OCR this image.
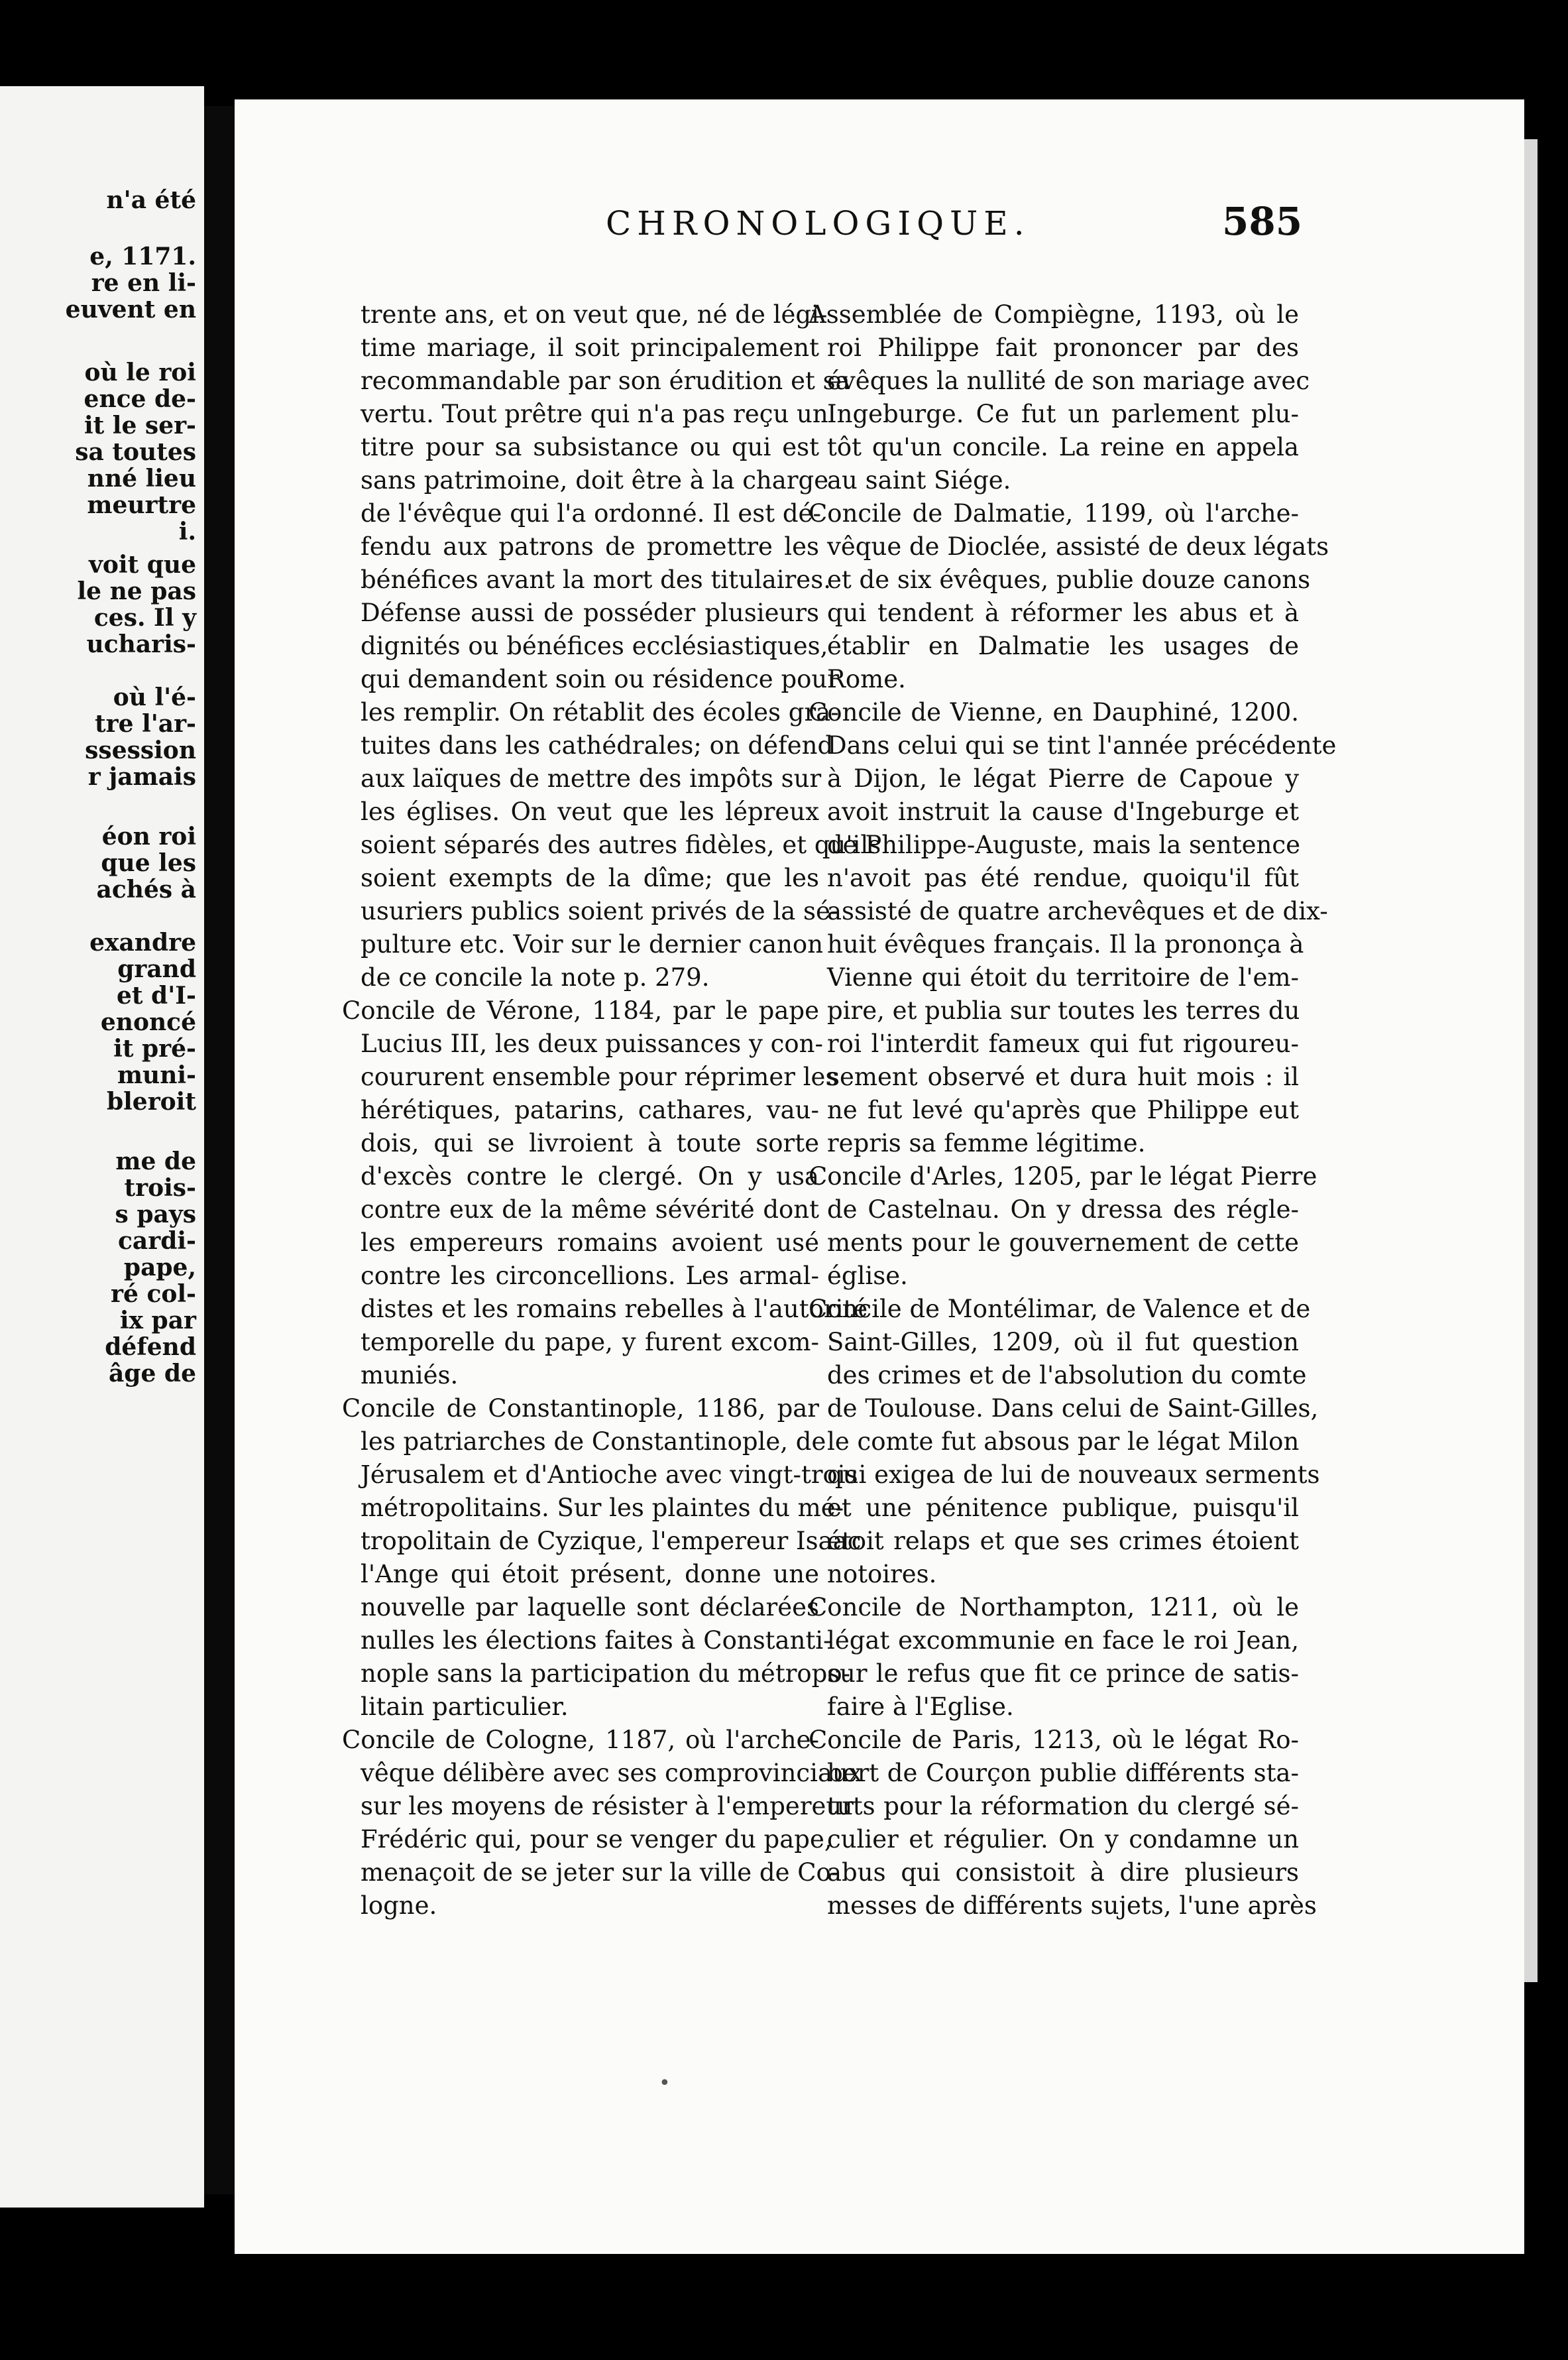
n'a été
e, 1171.
re en li-
euvent en
où le roi
ence de-
it le ser-
sa toutes
nné lieu
meurtre
i.
voit que
le ne pas
ces. Il y
ucharis-
où l'é-
tre l'ar-
ssession
r jamais
éon roi
que les
achés à
exandre
grand
et d'I-
enoncé
it pré-
muni-
bleroit
me de
trois-
s pays
cardi-
pape,
ré col-
ix par
défend
âge de
CHRONOLOGIQUE.	585
trente ans, et on veut que, né de légi-
time mariage, il soit principalement
recommandable par son érudition et sa
vertu. Tout prêtre qui n'a pas reçu un
titre pour sa subsistance ou qui est
sans patrimoine, doit être à la charge
de l'évêque qui l'a ordonné. Il est dé-
fendu aux patrons de promettre les
bénéfices avant la mort des titulaires.
Défense aussi de posséder plusieurs
dignités ou bénéfices ecclésiastiques,
qui demandent soin ou résidence pour
les remplir. On rétablit des écoles gra-
tuites dans les cathédrales; on défend
aux laïques de mettre des impôts sur
les églises. On veut que les lépreux
soient séparés des autres fidèles, et qu'ils
soient exempts de la dîme; que les
usuriers publics soient privés de la sé-
pulture etc. Voir sur le dernier canon
de ce concile la note p. 279.
Concile de Vérone, 1184, par le pape
Lucius III, les deux puissances y con-
coururent ensemble pour réprimer les
hérétiques, patarins, cathares, vau-
dois, qui se livroient à toute sorte
d'excès contre le clergé. On y usa
contre eux de la même sévérité dont
les empereurs romains avoient usé
contre les circoncellions. Les armal-
distes et les romains rebelles à l'autorité
temporelle du pape, y furent excom-
muniés.
Concile de Constantinople, 1186, par
les patriarches de Constantinople, de
Jérusalem et d'Antioche avec vingt-trois
métropolitains. Sur les plaintes du mé-
tropolitain de Cyzique, l'empereur Isaac
l'Ange qui étoit présent, donne une
nouvelle par laquelle sont déclarées
nulles les élections faites à Constanti-
nople sans la participation du métropo-
litain particulier.
Concile de Cologne, 1187, où l'arche-
vêque délibère avec ses comprovinciaux
sur les moyens de résister à l'empereur
Frédéric qui, pour se venger du pape,
menaçoit de se jeter sur la ville de Co-
logne.
Assemblée de Compiègne, 1193, où le
roi Philippe fait prononcer par des
évêques la nullité de son mariage avec
Ingeburge. Ce fut un parlement plu-
tôt qu'un concile. La reine en appela
au saint Siége.
Concile de Dalmatie, 1199, où l'arche-
vêque de Dioclée, assisté de deux légats
et de six évêques, publie douze canons
qui tendent à réformer les abus et à
établir en Dalmatie les usages de
Rome.
Concile de Vienne, en Dauphiné, 1200.
Dans celui qui se tint l'année précédente
à Dijon, le légat Pierre de Capoue y
avoit instruit la cause d'Ingeburge et
de Philippe-Auguste, mais la sentence
n'avoit pas été rendue, quoiqu'il fût
assisté de quatre archevêques et de dix-
huit évêques français. Il la prononça à
Vienne qui étoit du territoire de l'em-
pire, et publia sur toutes les terres du
roi l'interdit fameux qui fut rigoureu-
sement observé et dura huit mois : il
ne fut levé qu'après que Philippe eut
repris sa femme légitime.
Concile d'Arles, 1205, par le légat Pierre
de Castelnau. On y dressa des régle-
ments pour le gouvernement de cette
église.
Concile de Montélimar, de Valence et de
Saint-Gilles, 1209, où il fut question
des crimes et de l'absolution du comte
de Toulouse. Dans celui de Saint-Gilles,
le comte fut absous par le légat Milon
qui exigea de lui de nouveaux serments
et une pénitence publique, puisqu'il
étoit relaps et que ses crimes étoient
notoires.
Concile de Northampton, 1211, où le
légat excommunie en face le roi Jean,
sur le refus que fit ce prince de satis-
faire à l'Eglise.
Concile de Paris, 1213, où le légat Ro-
bert de Courçon publie différents sta-
tuts pour la réformation du clergé sé-
culier et régulier. On y condamne un
abus qui consistoit à dire plusieurs
messes de différents sujets, l'une après
•
